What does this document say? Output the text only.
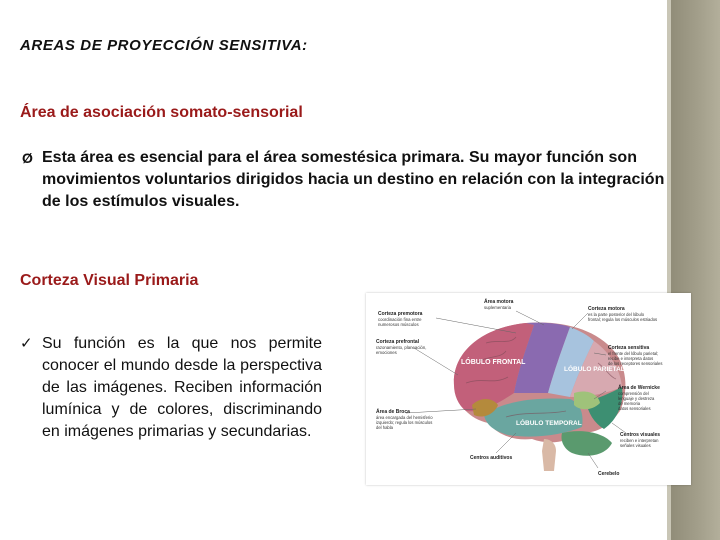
AREAS DE PROYECCIÓN SENSITIVA:
Área de asociación somato-sensorial
Ø Esta área es esencial para el área somestésica primara. Su mayor función son movimientos voluntarios dirigidos hacia un destino en relación con la integración de los estímulos visuales.
Corteza Visual Primaria
✓ Su función es la que nos permite conocer el mundo desde la perspectiva de las imágenes. Reciben información lumínica y de colores, discriminando en imágenes primarias y secundarias.
LÓBULO FRONTAL
LÓBULO PARIETAL
LÓBULO TEMPORAL
Corteza premotora
coordinación fina entre
numerosos músculos
Área motora
suplementaria	Corteza motora
es la parte posterior del lóbulo
frontal; regula los músculos estriados
Corteza prefrontal
razonamiento, planeación,
emociones
Corteza sensitiva
el frente del lóbulo parietal;
recibe e interpreta datos
de los receptores sensoriales
Área de Wernicke
comprensión del
lenguaje y destreza
de memoria
datos sensoriales
Área de Broca
área encargada del hemisferio
izquierdo; regula los músculos
del habla
Centros visuales
reciben e interpretan
señales visuales
Centros auditivos
Cerebelo
